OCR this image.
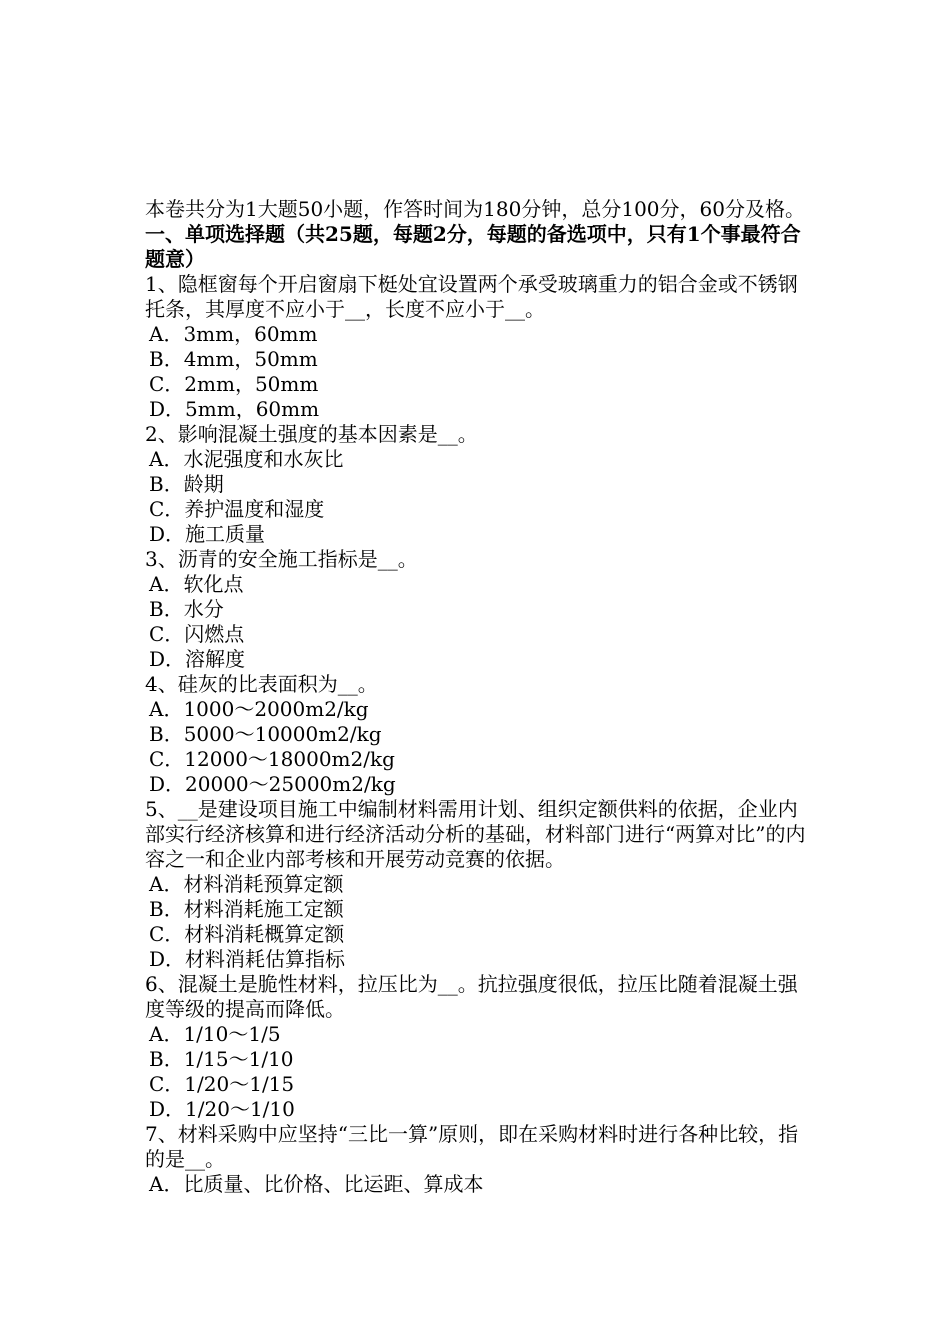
本卷共分为1大题50小题，作答时间为180分钟，总分100分，60分及格。

一、单项选择题（共25题，每题2分，每题的备选项中，只有1个事最符合题意）

1、隐框窗每个开启窗扇下梃处宜设置两个承受玻璃重力的铝合金或不锈钢托条，其厚度不应小于__，长度不应小于__。

A．3mm，60mm

B．4mm，50mm

C．2mm，50mm

D．5mm，60mm

2、影响混凝土强度的基本因素是__。

A．水泥强度和水灰比

B．龄期

C．养护温度和湿度

D．施工质量

3、沥青的安全施工指标是__。

A．软化点

B．水分

C．闪燃点

D．溶解度

4、硅灰的比表面积为__。

A．1000～2000m2/kg

B．5000～10000m2/kg

C．12000～18000m2/kg

D．20000～25000m2/kg

5、__是建设项目施工中编制材料需用计划、组织定额供料的依据，企业内部实行经济核算和进行经济活动分析的基础，材料部门进行“两算对比”的内容之一和企业内部考核和开展劳动竞赛的依据。

A．材料消耗预算定额

B．材料消耗施工定额

C．材料消耗概算定额

D．材料消耗估算指标

6、混凝土是脆性材料，拉压比为__。抗拉强度很低，拉压比随着混凝土强度等级的提高而降低。

A．1/10～1/5

B．1/15～1/10

C．1/20～1/15

D．1/20～1/10

7、材料采购中应坚持“三比一算”原则，即在采购材料时进行各种比较，指的是__。

A．比质量、比价格、比运距、算成本
